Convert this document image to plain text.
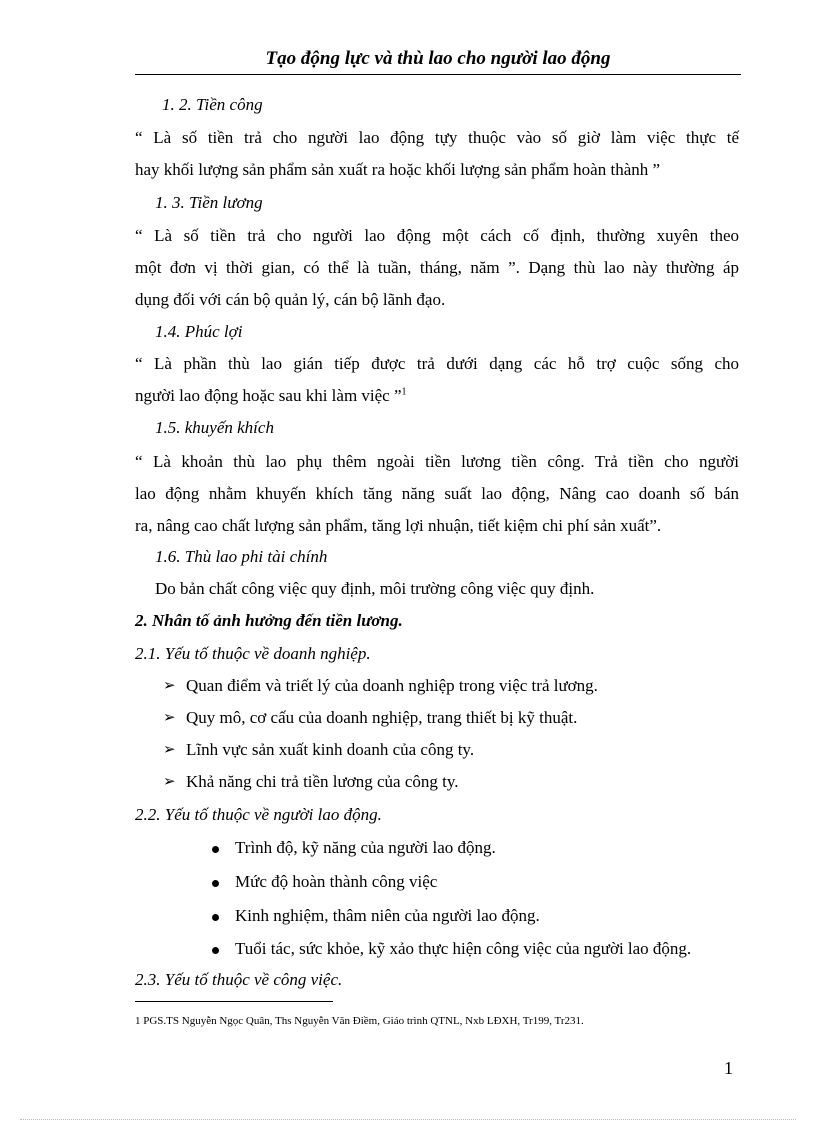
Tạo động lực và thù lao cho người lao động
1. 2. Tiền công
“ Là số tiền trả cho người lao động tựy thuộc vào số giờ làm việc thực tế
hay khối lượng sản phẩm sản xuất ra hoặc khối lượng sản phẩm hoàn thành ”
1. 3. Tiền lương
“ Là số tiền trả cho người lao động một cách cố định, thường xuyên theo
một đơn vị thời gian, có thể là tuần, tháng, năm ”. Dạng thù lao này thường áp
dụng đối với cán bộ quản lý, cán bộ lãnh đạo.
1.4. Phúc lợi
“ Là phần thù lao gián tiếp được trả dưới dạng các hỗ trợ cuộc sống cho
người lao động hoặc sau khi làm việc ”$^1$
1.5. khuyến khích
“ Là khoản thù lao phụ thêm ngoài tiền lương tiền công. Trả tiền cho người
lao động nhằm khuyến khích tăng năng suất lao động, Nâng cao doanh số bán
ra, nâng cao chất lượng sản phẩm, tăng lợi nhuận, tiết kiệm chi phí sản xuất”.
1.6. Thù lao phi tài chính
Do bản chất công việc quy định, môi trường công việc quy định.
2. Nhân tố ảnh hưởng đến tiền lương.
2.1. Yếu tố thuộc về doanh nghiệp.
➢ Quan điểm và triết lý của doanh nghiệp trong việc trả lương.
➢ Quy mô, cơ cấu của doanh nghiệp, trang thiết bị kỹ thuật.
➢ Lĩnh vực sản xuất kinh doanh của công ty.
➢ Khả năng chi trả tiền lương của công ty.
2.2. Yếu tố thuộc về người lao động.
Trình độ, kỹ năng của người lao động.
Mức độ hoàn thành công việc
Kinh nghiệm, thâm niên của người lao động.
Tuổi tác, sức khỏe, kỹ xảo thực hiện công việc của người lao động.
2.3. Yếu tố thuộc về công việc.
1 PGS.TS Nguyễn Ngọc Quân, Ths Nguyễn Văn Điềm, Giáo trình QTNL, Nxb LĐXH, Tr199, Tr231.
1
